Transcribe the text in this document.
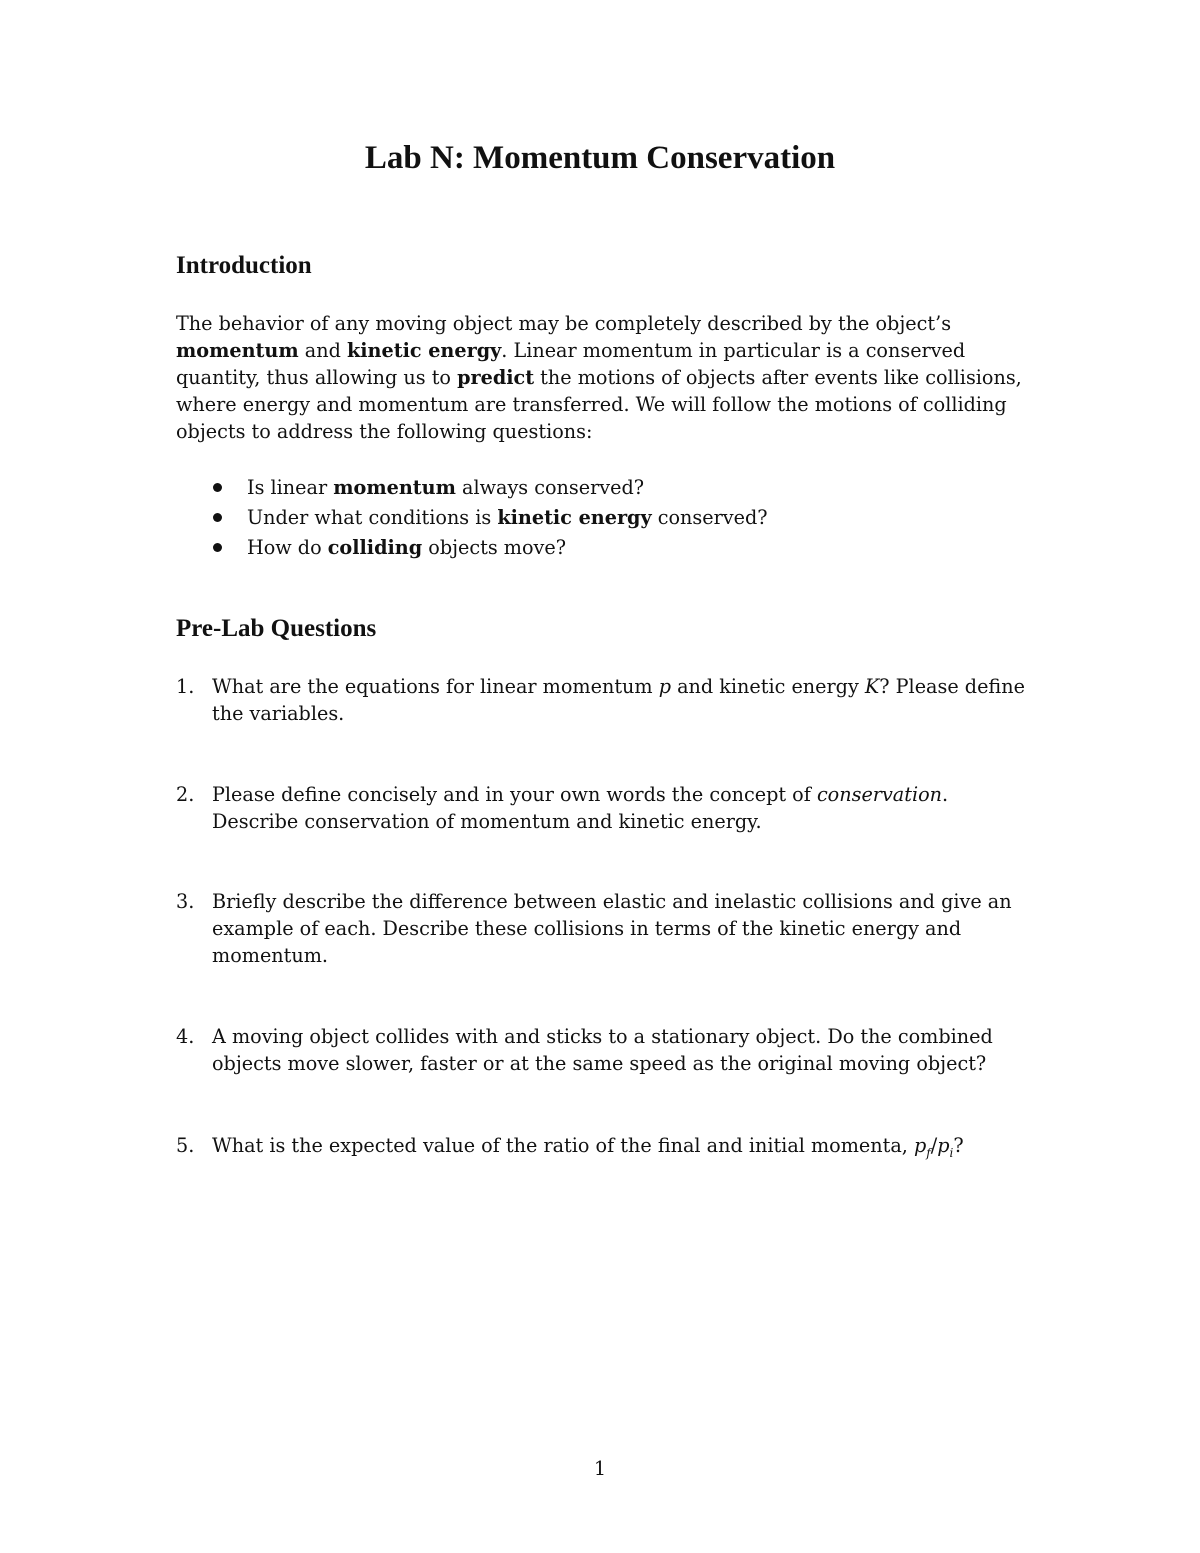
Lab N: Momentum Conservation
Introduction

The behavior of any moving object may be completely described by the object’s momentum and kinetic energy. Linear momentum in particular is a conserved quantity, thus allowing us to predict the motions of objects after events like collisions, where energy and momentum are transferred. We will follow the motions of colliding objects to address the following questions:

Is linear momentum always conserved?
Under what conditions is kinetic energy conserved?
How do colliding objects move?
Pre-Lab Questions
1. What are the equations for linear momentum p and kinetic energy K? Please define the variables.
2. Please define concisely and in your own words the concept of conservation. Describe conservation of momentum and kinetic energy.
3. Briefly describe the difference between elastic and inelastic collisions and give an example of each. Describe these collisions in terms of the kinetic energy and momentum.
4. A moving object collides with and sticks to a stationary object. Do the combined objects move slower, faster or at the same speed as the original moving object?
5. What is the expected value of the ratio of the final and initial momenta, $p_f/p_i$?

1
